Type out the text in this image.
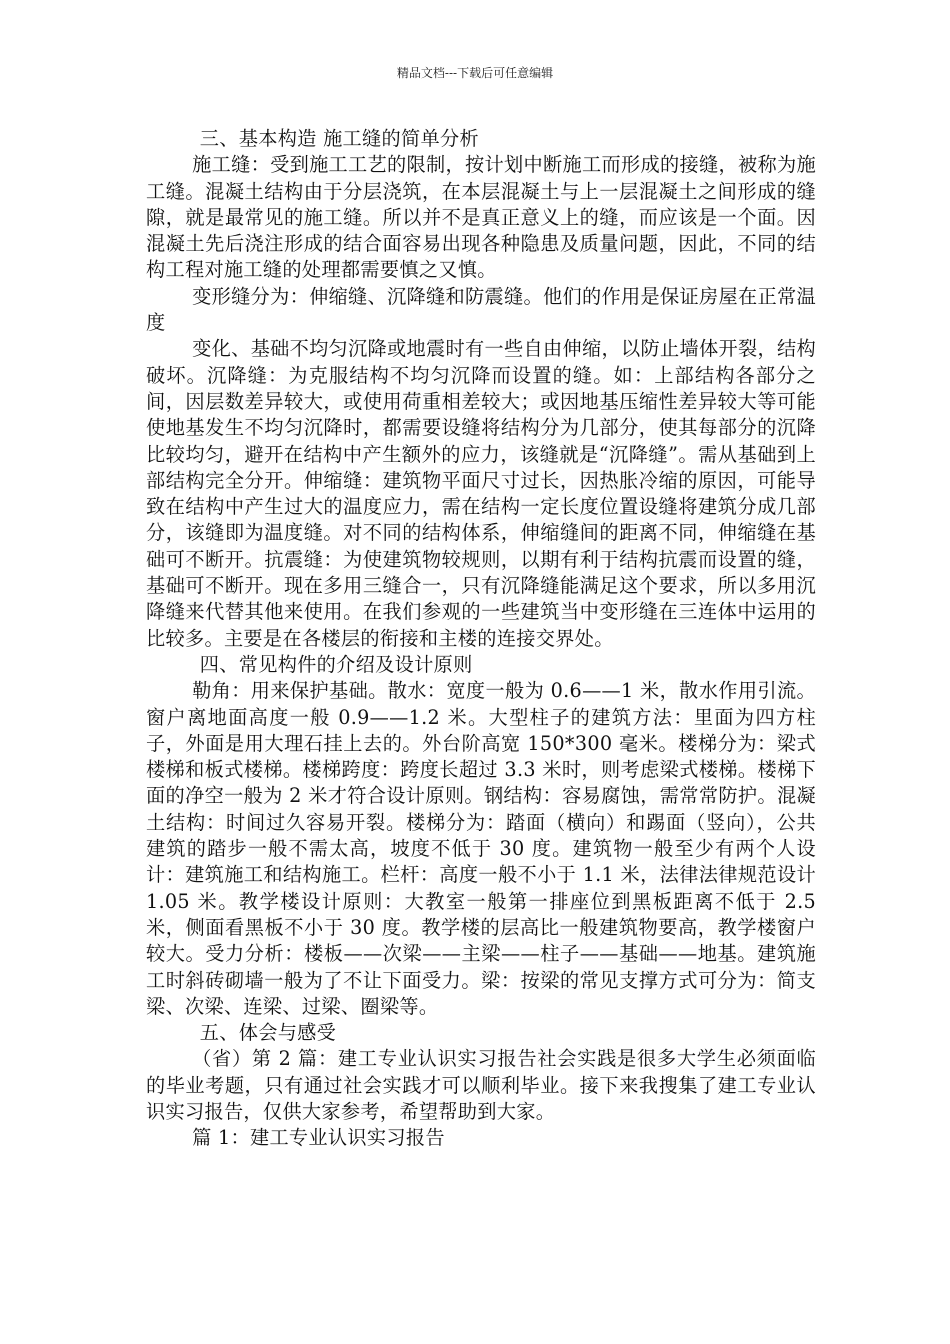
精品文档---下载后可任意编辑

三、基本构造 施工缝的简单分析

施工缝：受到施工工艺的限制，按计划中断施工而形成的接缝，被称为施工缝。混凝土结构由于分层浇筑，在本层混凝土与上一层混凝土之间形成的缝隙，就是最常见的施工缝。所以并不是真正意义上的缝，而应该是一个面。因混凝土先后浇注形成的结合面容易出现各种隐患及质量问题，因此，不同的结构工程对施工缝的处理都需要慎之又慎。

变形缝分为：伸缩缝、沉降缝和防震缝。他们的作用是保证房屋在正常温度

变化、基础不均匀沉降或地震时有一些自由伸缩，以防止墙体开裂，结构破坏。沉降缝：为克服结构不均匀沉降而设置的缝。如：上部结构各部分之间，因层数差异较大，或使用荷重相差较大；或因地基压缩性差异较大等可能使地基发生不均匀沉降时，都需要设缝将结构分为几部分，使其每部分的沉降比较均匀，避开在结构中产生额外的应力，该缝就是“沉降缝”。需从基础到上部结构完全分开。伸缩缝：建筑物平面尺寸过长，因热胀冷缩的原因，可能导致在结构中产生过大的温度应力，需在结构一定长度位置设缝将建筑分成几部分，该缝即为温度缝。对不同的结构体系，伸缩缝间的距离不同，伸缩缝在基础可不断开。抗震缝：为使建筑物较规则，以期有利于结构抗震而设置的缝，基础可不断开。现在多用三缝合一，只有沉降缝能满足这个要求，所以多用沉降缝来代替其他来使用。在我们参观的一些建筑当中变形缝在三连体中运用的比较多。主要是在各楼层的衔接和主楼的连接交界处。

四、常见构件的介绍及设计原则

勒角：用来保护基础。散水：宽度一般为 0.6——1 米，散水作用引流。窗户离地面高度一般 0.9——1.2 米。大型柱子的建筑方法：里面为四方柱子，外面是用大理石挂上去的。外台阶高宽 150*300 毫米。楼梯分为：梁式楼梯和板式楼梯。楼梯跨度：跨度长超过 3.3 米时，则考虑梁式楼梯。楼梯下面的净空一般为 2 米才符合设计原则。钢结构：容易腐蚀，需常常防护。混凝土结构：时间过久容易开裂。楼梯分为：踏面（横向）和踢面（竖向），公共建筑的踏步一般不需太高，坡度不低于 30 度。建筑物一般至少有两个人设计：建筑施工和结构施工。栏杆：高度一般不小于 1.1 米，法律法律规范设计 1.05 米。教学楼设计原则：大教室一般第一排座位到黑板距离不低于 2.5 米，侧面看黑板不小于 30 度。教学楼的层高比一般建筑物要高，教学楼窗户较大。受力分析：楼板——次梁——主梁——柱子——基础——地基。建筑施工时斜砖砌墙一般为了不让下面受力。梁：按梁的常见支撑方式可分为：简支梁、次梁、连梁、过梁、圈梁等。

五、体会与感受

（省）第 2 篇：建工专业认识实习报告社会实践是很多大学生必须面临的毕业考题，只有通过社会实践才可以顺利毕业。接下来我搜集了建工专业认识实习报告，仅供大家参考，希望帮助到大家。

篇 1：建工专业认识实习报告
